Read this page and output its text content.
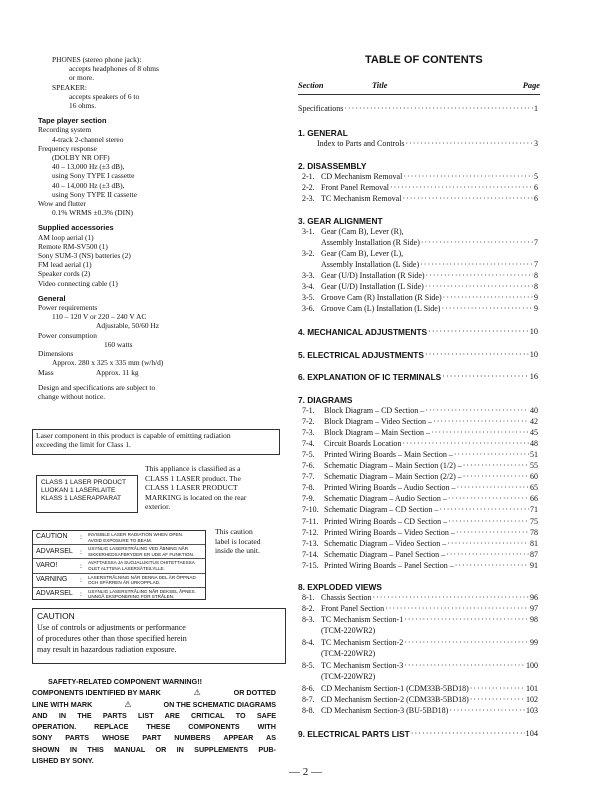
PHONES (stereo phone jack):
accepts headphones of 8 ohms
or more.
SPEAKER:
accepts speakers of 6 to
16 ohms.
Tape player section
Recording system
4-track 2-channel stereo
Frequency response
(DOLBY NR OFF)
40 – 13,000 Hz (±3 dB),
using Sony TYPE I cassette
40 – 14,000 Hz (±3 dB),
using Sony TYPE II cassette
Wow and flutter
0.1% WRMS ±0.3% (DIN)
Supplied accessories
AM loop aerial (1)
Remote RM-SV500 (1)
Sony SUM-3 (NS) batteries (2)
FM lead aerial (1)
Speaker cords (2)
Video connecting cable (1)
General
Power requirements
110 – 120 V or 220 – 240 V AC
Adjustable, 50/60 Hz
Power consumption
160 watts
Dimensions
Approx. 280 x 325 x 335 mm (w/h/d)
Mass	Approx. 11 kg
Design and specifications are subject to
change without notice.
Laser component in this product is capable of emitting radiation
exceeding the limit for Class 1.
CLASS 1 LASER PRODUCT
LUOKAN 1 LASERLAITE
KLASS 1 LASERAPPARAT
This appliance is classified as a
CLASS 1 LASER product. The
CLASS 1 LASER PRODUCT
MARKING is located on the rear
exterior.
CAUTION	:	INVISIBLE LASER RADIATION WHEN OPEN.
AVOID EXPOSURE TO BEAM.
ADVARSEL	:	USYNLIG LASERSTRÅLING VED ÅBNING NÅR
SIKKERHEDSAFBRYDER ER UDE AF FUNKTION.
VARO!	:	AVATTAESSA JA SUOJALUKITUS OHITETTAESSA
OLET ALTTIINA LASERSÄTEILYLLE.
VARNING	:	LASERSTRÅLNING NÄR DENNA DEL ÄR ÖPPNAD
OCH SPÄRREN ÄR URKOPPLAD.
ADVARSEL	:	USYNLIG LASERSTRÅLING NÅR DEKSEL ÅPNES.
UNNGÅ EKSPONERING FOR STRÅLEN.
This caution
label is located
inside the unit.
CAUTION
Use of controls or adjustments or performance
of procedures other than those specified herein
may result in hazardous radiation exposure.
SAFETY-RELATED COMPONENT WARNING!!
COMPONENTS IDENTIFIED BY MARK	⚠	OR DOTTED
LINE WITH MARK	⚠	ON THE SCHEMATIC DIAGRAMS
AND IN THE PARTS LIST ARE CRITICAL TO SAFE
OPERATION. REPLACE THESE COMPONENTS WITH
SONY PARTS WHOSE PART NUMBERS APPEAR AS
SHOWN IN THIS MANUAL OR IN SUPPLEMENTS PUB-
LISHED BY SONY.
TABLE OF CONTENTS
Section	Title	Page
Specifications ·····	1
1. GENERAL
Index to Parts and Controls ·····	3
2. DISASSEMBLY
2-1. CD Mechanism Removal ·····	5
2-2. Front Panel Removal ·····	6
2-3. TC Mechanism Removal ·····	6
3. GEAR ALIGNMENT
3-1. Gear (Cam B), Lever (R),
Assembly Installation (R Side) ·····	7
3-2. Gear (Cam B), Lever (L),
Assembly Installation (L Side) ·····	7
3-3. Gear (U/D) Installation (R Side) ·····	8
3-4. Gear (U/D) Installation (L Side) ·····	8
3-5. Groove Cam (R) Installation (R Side) ·····	9
3-6. Groove Cam (L) Installation (L Side) ·····	9
4. MECHANICAL ADJUSTMENTS ·····	10
5. ELECTRICAL ADJUSTMENTS ·····	10
6. EXPLANATION OF IC TERMINALS ·····	16
7. DIAGRAMS
7-1.	Block Diagram – CD Section – ·····	40
7-2.	Block Diagram – Video Section – ·····	42
7-3.	Block Diagram – Main Section – ·····	45
7-4.	Circuit Boards Location ·····	48
7-5.	Printed Wiring Boards – Main Section – ·····	51
7-6.	Schematic Diagram – Main Section (1/2) – ·····	55
7-7.	Schematic Diagram – Main Section (2/2) – ·····	60
7-8.	Printed Wiring Boards – Audio Section – ·····	65
7-9.	Schematic Diagram – Audio Section – ·····	66
7-10. Schematic Diagram – CD Section – ·····	71
7-11. Printed Wiring Boards – CD Section – ·····	75
7-12. Printed Wiring Boards – Video Section – ·····	78
7-13. Schematic Diagram – Video Section – ·····	81
7-14. Schematic Diagram – Panel Section – ·····	87
7-15. Printed Wiring Boards – Panel Section – ·····	91
8. EXPLODED VIEWS
8-1. Chassis Section ·····	96
8-2. Front Panel Section ·····	97
8-3. TC Mechanism Section-1 ·····	98
(TCM-220WR2)
8-4. TC Mechanism Section-2 ·····	99
(TCM-220WR2)
8-5. TC Mechanism Section-3 ·····	100
(TCM-220WR2)
8-6. CD Mechanism Section-1 (CDM33B-5BD18) ·····	101
8-7. CD Mechanism Section-2 (CDM33B-5BD18) ·····	102
8-8. CD Mechanism Section-3 (BU-5BD18) ·····	103
9. ELECTRICAL PARTS LIST ·····	104
— 2 —
